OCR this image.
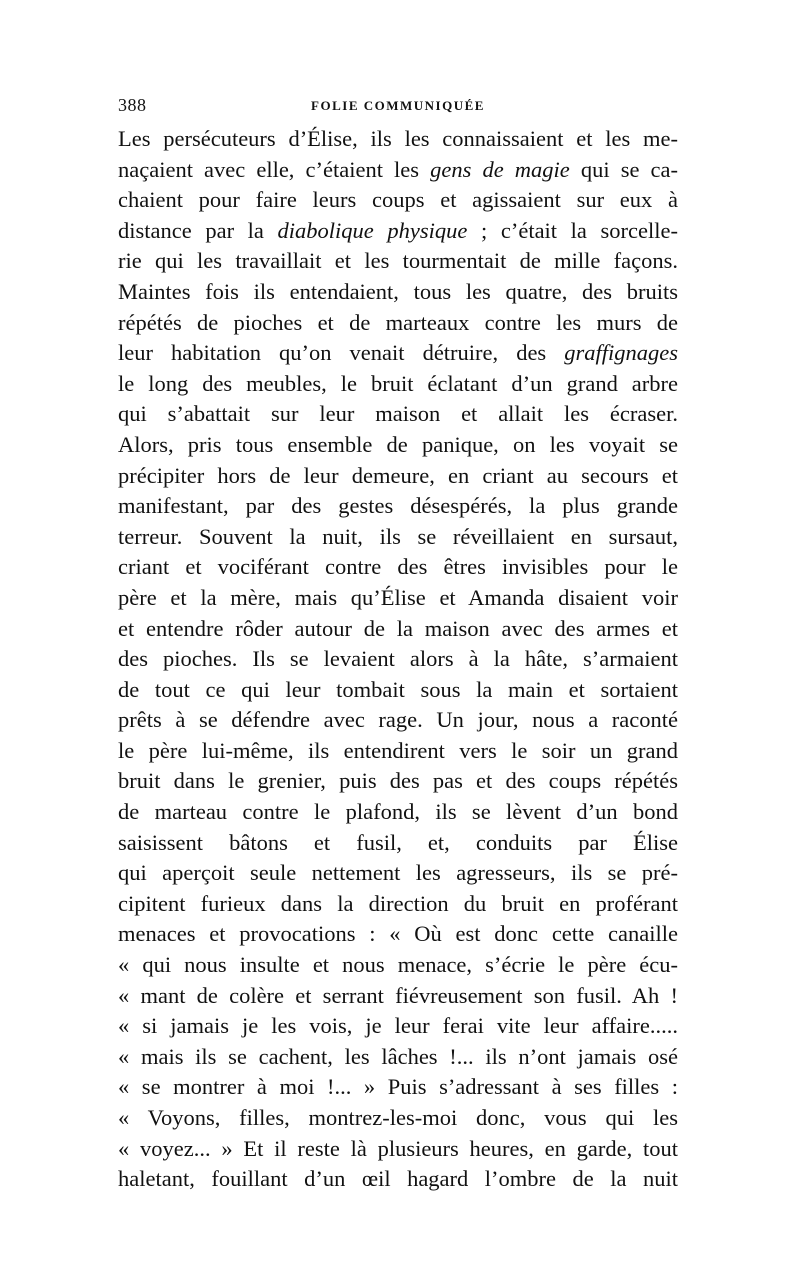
388	FOLIE COMMUNIQUÉE
Les persécuteurs d’Élise, ils les connaissaient et les me-
naçaient avec elle, c’étaient les gens de magie qui se ca-
chaient pour faire leurs coups et agissaient sur eux à
distance par la diabolique physique ; c’était la sorcelle-
rie qui les travaillait et les tourmentait de mille façons.
Maintes fois ils entendaient, tous les quatre, des bruits
répétés de pioches et de marteaux contre les murs de
leur habitation qu’on venait détruire, des graffignages
le long des meubles, le bruit éclatant d’un grand arbre
qui s’abattait sur leur maison et allait les écraser.
Alors, pris tous ensemble de panique, on les voyait se
précipiter hors de leur demeure, en criant au secours et
manifestant, par des gestes désespérés, la plus grande
terreur. Souvent la nuit, ils se réveillaient en sursaut,
criant et vociférant contre des êtres invisibles pour le
père et la mère, mais qu’Élise et Amanda disaient voir
et entendre rôder autour de la maison avec des armes et
des pioches. Ils se levaient alors à la hâte, s’armaient
de tout ce qui leur tombait sous la main et sortaient
prêts à se défendre avec rage. Un jour, nous a raconté
le père lui-même, ils entendirent vers le soir un grand
bruit dans le grenier, puis des pas et des coups répétés
de marteau contre le plafond, ils se lèvent d’un bond
saisissent bâtons et fusil, et, conduits par Élise
qui aperçoit seule nettement les agresseurs, ils se pré-
cipitent furieux dans la direction du bruit en proférant
menaces et provocations : « Où est donc cette canaille
« qui nous insulte et nous menace, s’écrie le père écu-
« mant de colère et serrant fiévreusement son fusil. Ah !
« si jamais je les vois, je leur ferai vite leur affaire.....
« mais ils se cachent, les lâches !... ils n’ont jamais osé
« se montrer à moi !... » Puis s’adressant à ses filles :
« Voyons, filles, montrez-les-moi donc, vous qui les
« voyez... » Et il reste là plusieurs heures, en garde, tout
haletant, fouillant d’un œil hagard l’ombre de la nuit
